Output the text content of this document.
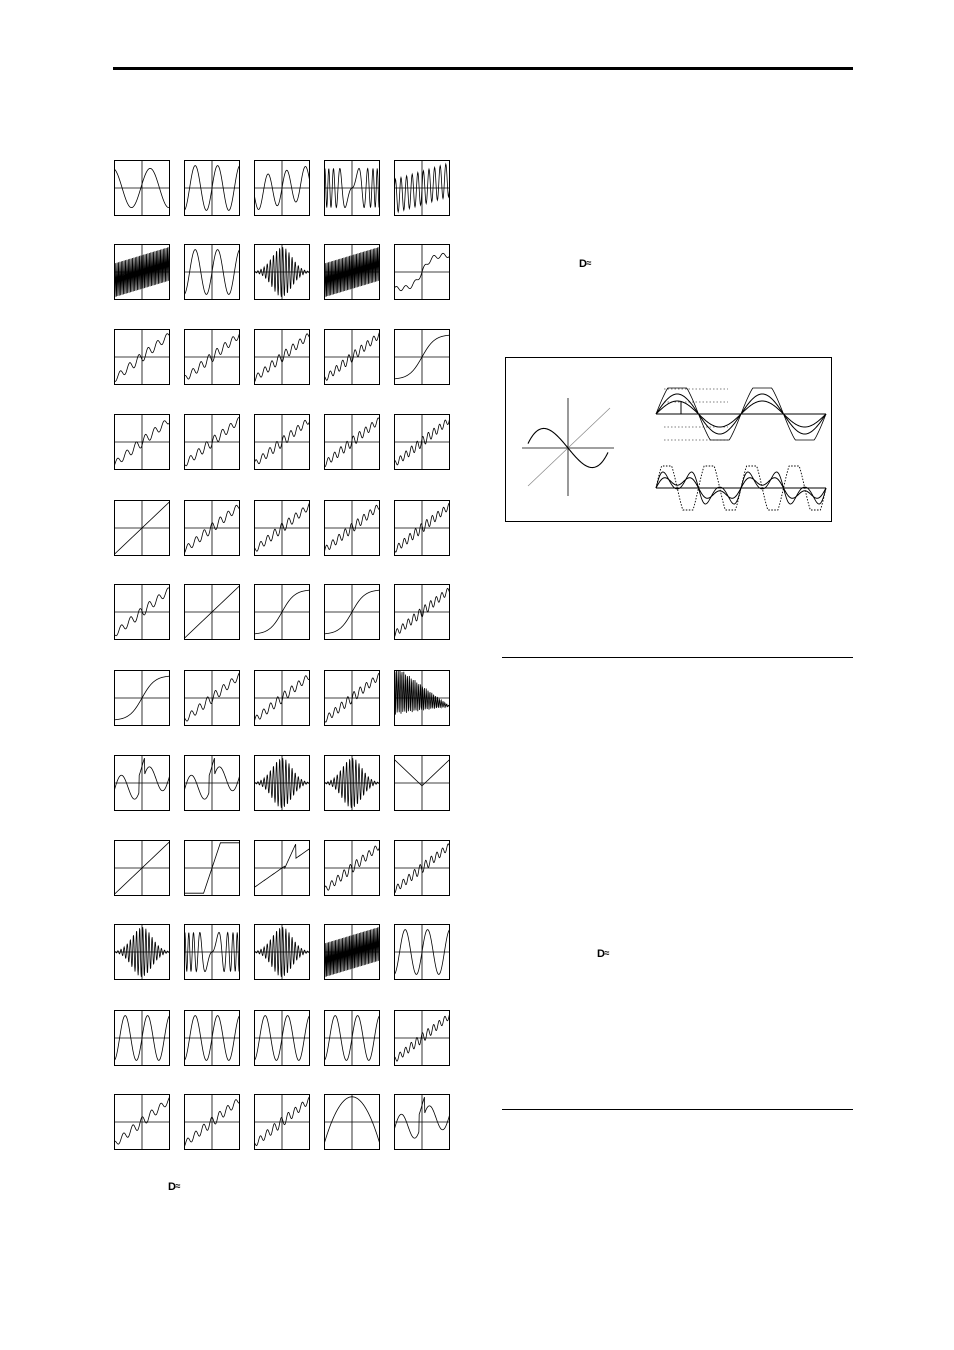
D≈
D≈
D≈
